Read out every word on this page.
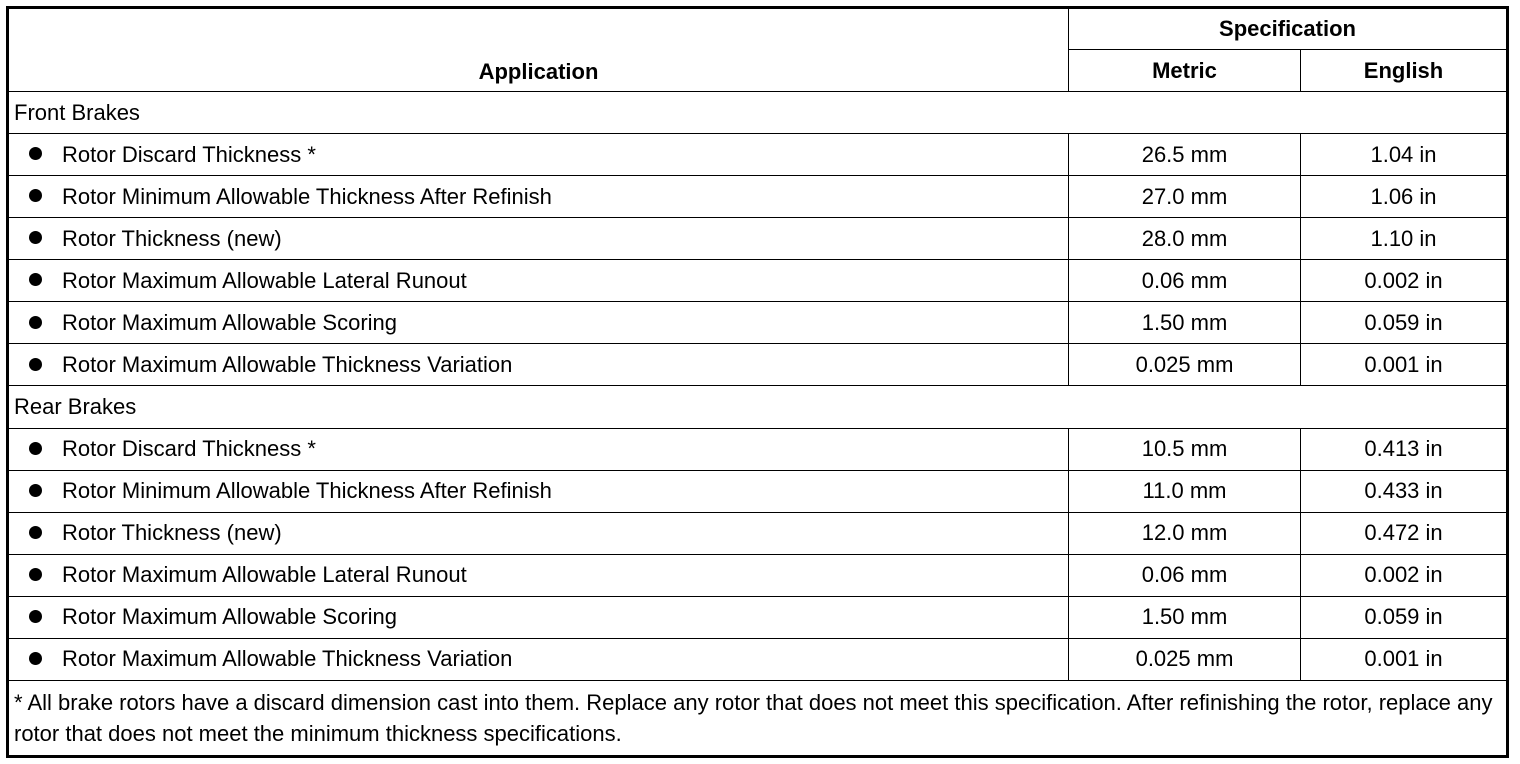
Application	Specification	
	Metric	English
Front Brakes		
Rotor Discard Thickness *	26.5 mm	1.04 in
Rotor Minimum Allowable Thickness After Refinish	27.0 mm	1.06 in
Rotor Thickness (new)	28.0 mm	1.10 in
Rotor Maximum Allowable Lateral Runout	0.06 mm	0.002 in
Rotor Maximum Allowable Scoring	1.50 mm	0.059 in
Rotor Maximum Allowable Thickness Variation	0.025 mm	0.001 in
Rear Brakes		
Rotor Discard Thickness *	10.5 mm	0.413 in
Rotor Minimum Allowable Thickness After Refinish	11.0 mm	0.433 in
Rotor Thickness (new)	12.0 mm	0.472 in
Rotor Maximum Allowable Lateral Runout	0.06 mm	0.002 in
Rotor Maximum Allowable Scoring	1.50 mm	0.059 in
Rotor Maximum Allowable Thickness Variation	0.025 mm	0.001 in
* All brake rotors have a discard dimension cast into them. Replace any rotor that does not meet this specification. After refinishing the rotor, replace any rotor that does not meet the minimum thickness specifications.		
